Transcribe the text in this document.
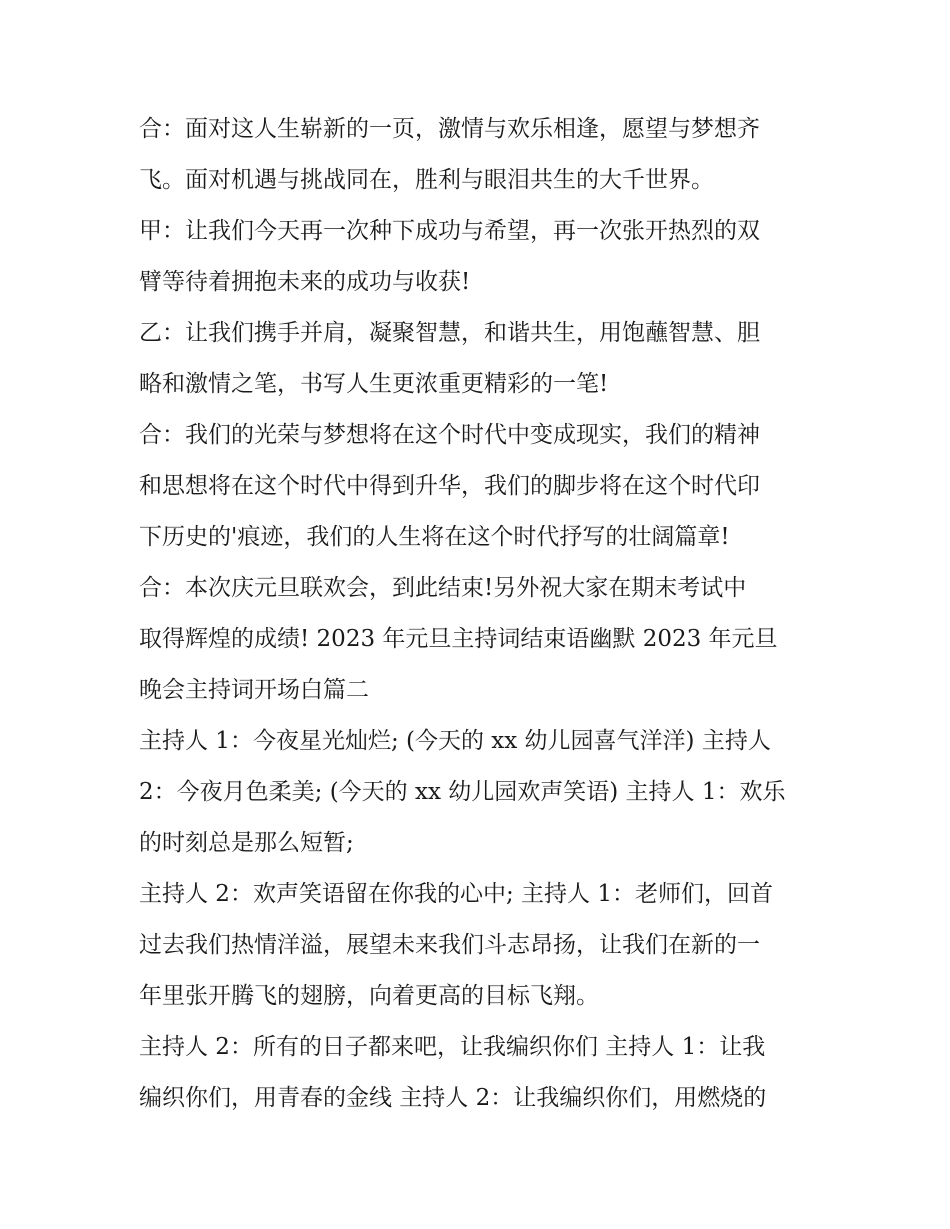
合：面对这人生崭新的一页，激情与欢乐相逢，愿望与梦想齐
飞。面对机遇与挑战同在，胜利与眼泪共生的大千世界。

甲：让我们今天再一次种下成功与希望，再一次张开热烈的双
臂等待着拥抱未来的成功与收获!

乙：让我们携手并肩，凝聚智慧，和谐共生，用饱蘸智慧、胆
略和激情之笔，书写人生更浓重更精彩的一笔!

合：我们的光荣与梦想将在这个时代中变成现实，我们的精神
和思想将在这个时代中得到升华，我们的脚步将在这个时代印
下历史的'痕迹，我们的人生将在这个时代抒写的壮阔篇章!

合：本次庆元旦联欢会，到此结束!另外祝大家在期末考试中
取得辉煌的成绩! 2023 年元旦主持词结束语幽默 2023 年元旦
晚会主持词开场白篇二

主持人 1：今夜星光灿烂; (今天的 xx 幼儿园喜气洋洋) 主持人
2：今夜月色柔美; (今天的 xx 幼儿园欢声笑语) 主持人 1：欢乐
的时刻总是那么短暂;

主持人 2：欢声笑语留在你我的心中; 主持人 1：老师们，回首
过去我们热情洋溢，展望未来我们斗志昂扬，让我们在新的一
年里张开腾飞的翅膀，向着更高的目标飞翔。

主持人 2：所有的日子都来吧，让我编织你们 主持人 1：让我
编织你们，用青春的金线 主持人 2：让我编织你们，用燃烧的
